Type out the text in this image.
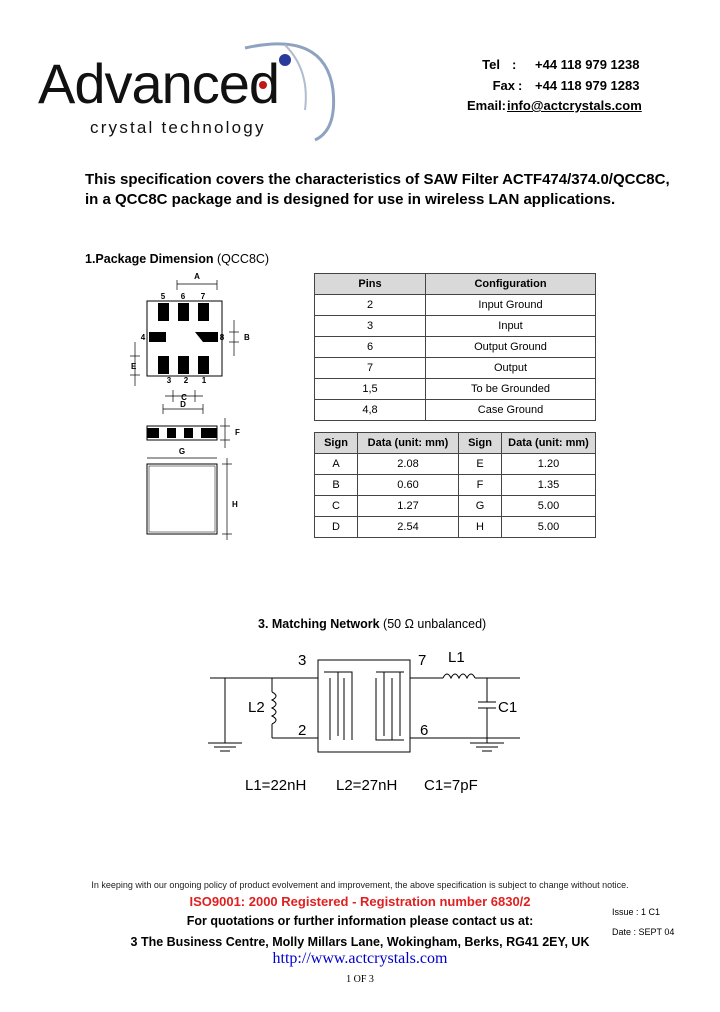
Advanced
crystal technology
Tel : +44 118 979 1238
Fax : +44 118 979 1283
Email: info@actcrystals.com
This specification covers the characteristics of SAW Filter ACTF474/374.0/QCC8C,
in a QCC8C package and is designed for use in wireless LAN applications.
1.Package Dimension (QCC8C)
A
5 6 7
3 2 1
4	8 B
E
C
D
F
G
H
Pins	Configuration
2	Input Ground
3	Input
6	Output Ground
7	Output
1,5	To be Grounded
4,8	Case Ground
Sign	Data (unit: mm)	Sign	Data (unit: mm)
A	2.08	E	1.20
B	0.60	F	1.35
C	1.27	G	5.00
D	2.54	H	5.00
3. Matching Network (50 Ω unbalanced)
3
2
7
6
L1
L2	C1
L1=22nH L2=27nH C1=7pF
In keeping with our ongoing policy of product evolvement and improvement, the above specification is subject to change without notice.
ISO9001: 2000 Registered - Registration number 6830/2
For quotations or further information please contact us at:
3 The Business Centre, Molly Millars Lane, Wokingham, Berks, RG41 2EY, UK
http://www.actcrystals.com
1 OF 3
Issue : 1 C1
Date : SEPT 04
